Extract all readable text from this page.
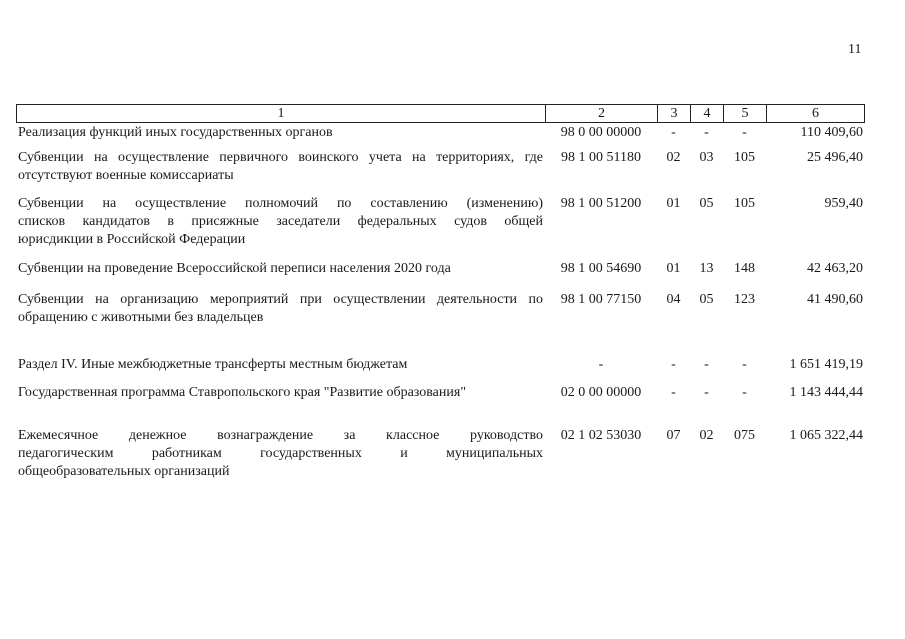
11
1	2	3	4	5	6
Реализация функций иных государственных органов	98 0 00 00000	-	-	-	110 409,60
Субвенции на осуществление первичного воинского учета на территориях, где
отсутствуют военные комиссариаты
98 1 00 51180	02	03	105	25 496,40
Субвенции на осуществление полномочий по составлению (изменению)
списков кандидатов в присяжные заседатели федеральных судов общей
юрисдикции в Российской Федерации
98 1 00 51200	01	05	105	959,40
Субвенции на проведение Всероссийской переписи населения 2020 года	98 1 00 54690	01	13	148	42 463,20
Субвенции на организацию мероприятий при осуществлении деятельности по
обращению с животными без владельцев
98 1 00 77150	04	05	123	41 490,60
Раздел IV. Иные межбюджетные трансферты местным бюджетам	-	-	-	-	1 651 419,19
Государственная программа Ставропольского края "Развитие образования"	02 0 00 00000	-	-	-	1 143 444,44
Ежемесячное денежное вознаграждение за классное руководство
педагогическим работникам государственных и муниципальных
общеобразовательных организаций
02 1 02 53030	07	02	075	1 065 322,44
